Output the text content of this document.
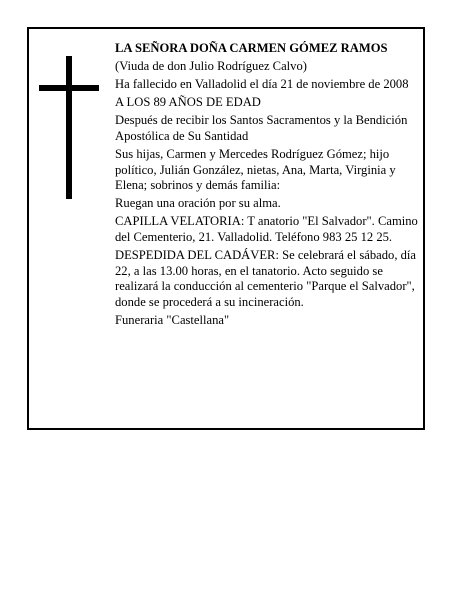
LA SEÑORA DOÑA CARMEN GÓMEZ RAMOS

(Viuda de don Julio Rodríguez Calvo)

Ha fallecido en Valladolid el día 21 de noviembre de 2008

A LOS 89 AÑOS DE EDAD

Después de recibir los Santos Sacramentos y la Bendición Apostólica de Su Santidad

Sus hijas, Carmen y Mercedes Rodríguez Gómez; hijo político, Julián González, nietas, Ana, Marta, Virginia y Elena; sobrinos y demás familia:

Ruegan una oración por su alma.

CAPILLA VELATORIA: T anatorio "El Salvador". Camino del Cementerio, 21. Valladolid. Teléfono 983 25 12 25.

DESPEDIDA DEL CADÁVER: Se celebrará el sábado, día 22, a las 13.00 horas, en el tanatorio. Acto seguido se realizará la conducción al cementerio "Parque el Salvador", donde se procederá a su incineración.

Funeraria "Castellana"
